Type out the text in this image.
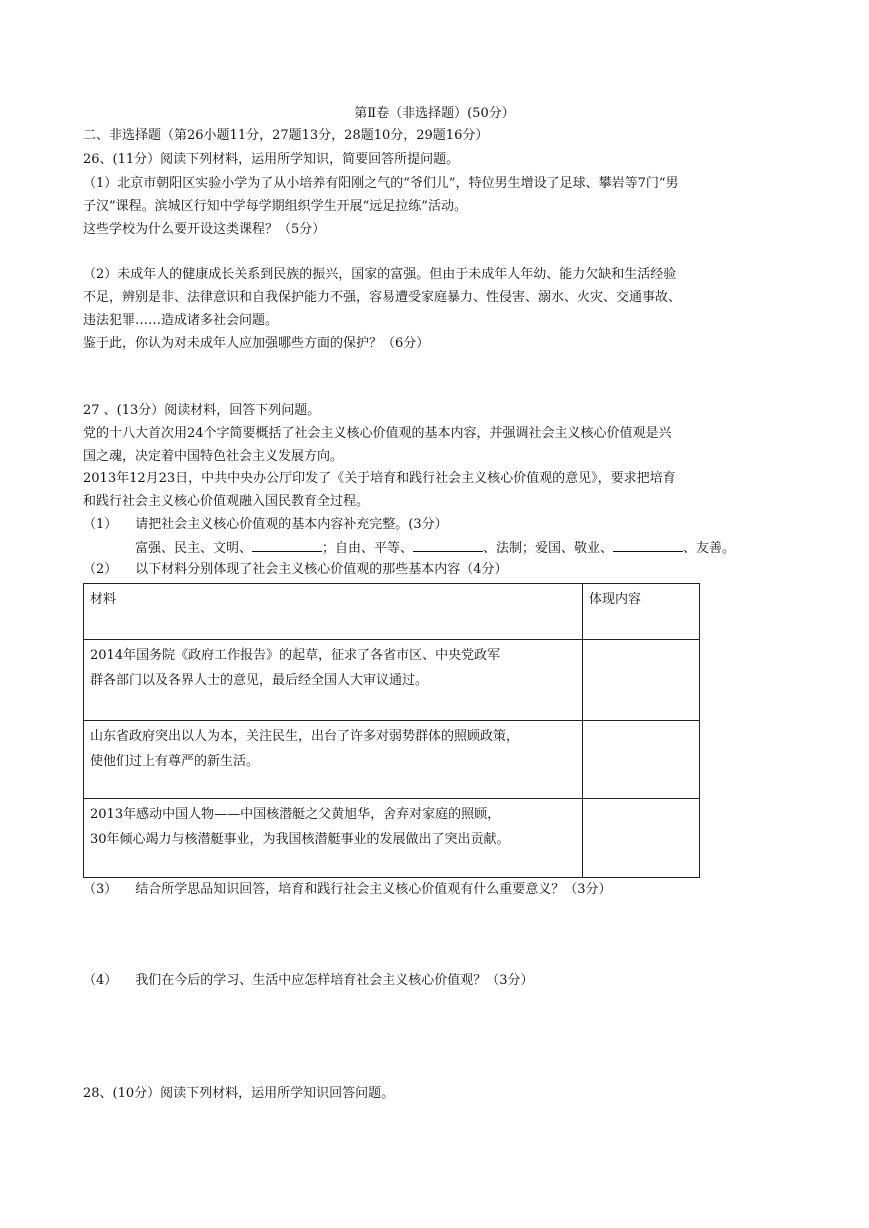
第Ⅱ卷（非选择题）(50分）
二、非选择题（第26小题11分，27题13分，28题10分，29题16分）
26、(11分）阅读下列材料，运用所学知识，简要回答所提问题。
（1）北京市朝阳区实验小学为了从小培养有阳刚之气的“爷们儿”，特位男生增设了足球、攀岩等7门“男
子汉”课程。滨城区行知中学每学期组织学生开展“远足拉练”活动。
这些学校为什么要开设这类课程？（5分）
（2）未成年人的健康成长关系到民族的振兴，国家的富强。但由于未成年人年幼、能力欠缺和生活经验
不足，辨别是非、法律意识和自我保护能力不强，容易遭受家庭暴力、性侵害、溺水、火灾、交通事故、
违法犯罪……造成诸多社会问题。
鉴于此，你认为对未成年人应加强哪些方面的保护？（6分）
27 、(13分）阅读材料，回答下列问题。
党的十八大首次用24个字简要概括了社会主义核心价值观的基本内容，并强调社会主义核心价值观是兴
国之魂，决定着中国特色社会主义发展方向。
2013年12月23日，中共中央办公厅印发了《关于培育和践行社会主义核心价值观的意见》，要求把培育
和践行社会主义核心价值观融入国民教育全过程。
（1） 请把社会主义核心价值观的基本内容补充完整。(3分）
富强、民主、文明、	；自由、平等、	、法制；爱国、敬业、	、友善。
（2） 以下材料分别体现了社会主义核心价值观的那些基本内容（4分）
材料	体现内容

2014年国务院《政府工作报告》的起草，征求了各省市区、中央党政军
群各部门以及各界人士的意见，最后经全国人大审议通过。	

山东省政府突出以人为本，关注民生，出台了许多对弱势群体的照顾政策，
使他们过上有尊严的新生活。	

2013年感动中国人物——中国核潜艇之父黄旭华，舍弃对家庭的照顾，
30年倾心竭力与核潜艇事业，为我国核潜艇事业的发展做出了突出贡献。	

（3） 结合所学思品知识回答，培育和践行社会主义核心价值观有什么重要意义？（3分）
（4） 我们在今后的学习、生活中应怎样培育社会主义核心价值观？（3分）
28、(10分）阅读下列材料，运用所学知识回答问题。
